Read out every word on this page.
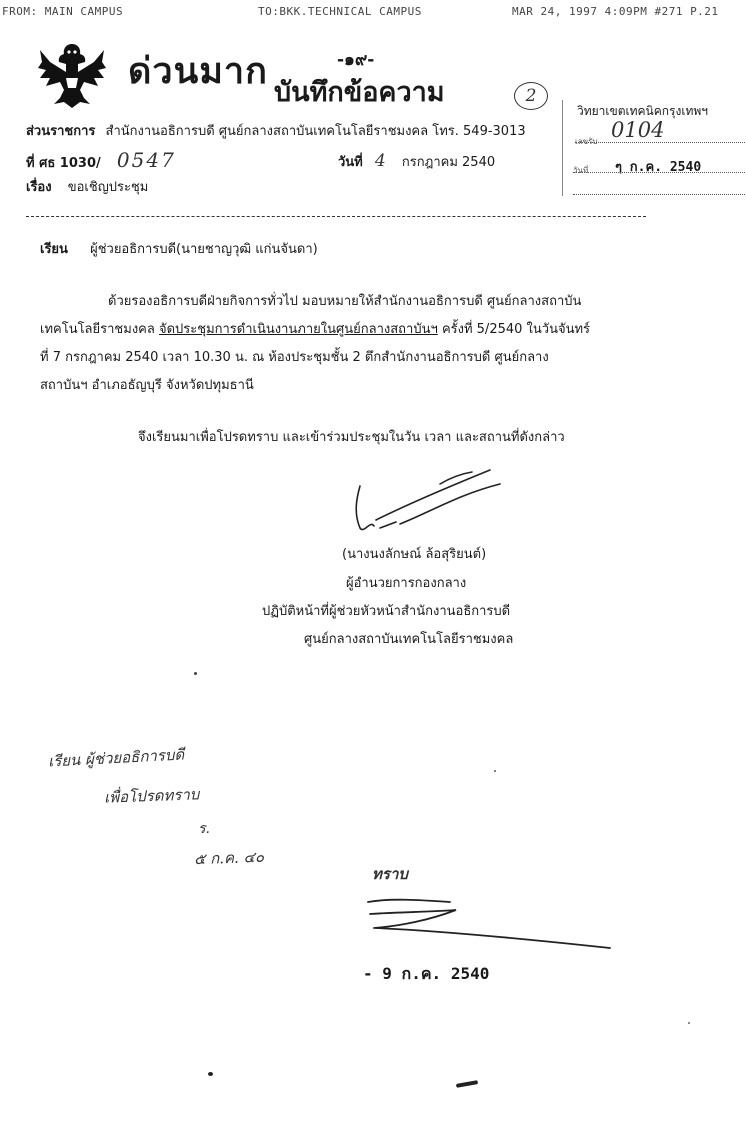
FROM: MAIN CAMPUS	TO:BKK.TECHNICAL CAMPUS	MAR 24, 1997 4:09PM #271 P.21
ด่วนมาก	-๑๙-
บันทึกข้อความ	2
วิทยาเขตเทคนิคกรุงเทพฯ
เลขรับ 0104
วันที่ ๆ ก.ค. 2540
ส่วนราชการ สำนักงานอธิการบดี ศูนย์กลางสถาบันเทคโนโลยีราชมงคล โทร. 549-3013
ที่ ศธ 1030/ 0547	วันที่ 4 กรกฎาคม 2540
เรื่อง ขอเชิญประชุม
เรียน ผู้ช่วยอธิการบดี(นายชาญวุฒิ แก่นจันดา)
ด้วยรองอธิการบดีฝ่ายกิจการทั่วไป มอบหมายให้สำนักงานอธิการบดี ศูนย์กลางสถาบัน
เทคโนโลยีราชมงคล จัดประชุมการดำเนินงานภายในศูนย์กลางสถาบันฯ ครั้งที่ 5/2540 ในวันจันทร์
ที่ 7 กรกฎาคม 2540 เวลา 10.30 น. ณ ห้องประชุมชั้น 2 ตึกสำนักงานอธิการบดี ศูนย์กลาง
สถาบันฯ อำเภอธัญบุรี จังหวัดปทุมธานี
จึงเรียนมาเพื่อโปรดทราบ และเข้าร่วมประชุมในวัน เวลา และสถานที่ดังกล่าว
(นางนงลักษณ์ ล้อสุริยนต์)
ผู้อำนวยการกองกลาง
ปฏิบัติหน้าที่ผู้ช่วยหัวหน้าสำนักงานอธิการบดี
ศูนย์กลางสถาบันเทคโนโลยีราชมงคล
เรียน ผู้ช่วยอธิการบดี
เพื่อโปรดทราบ
ร.
๕ ก.ค. ๔๐
ทราบ
- 9 ก.ค. 2540
